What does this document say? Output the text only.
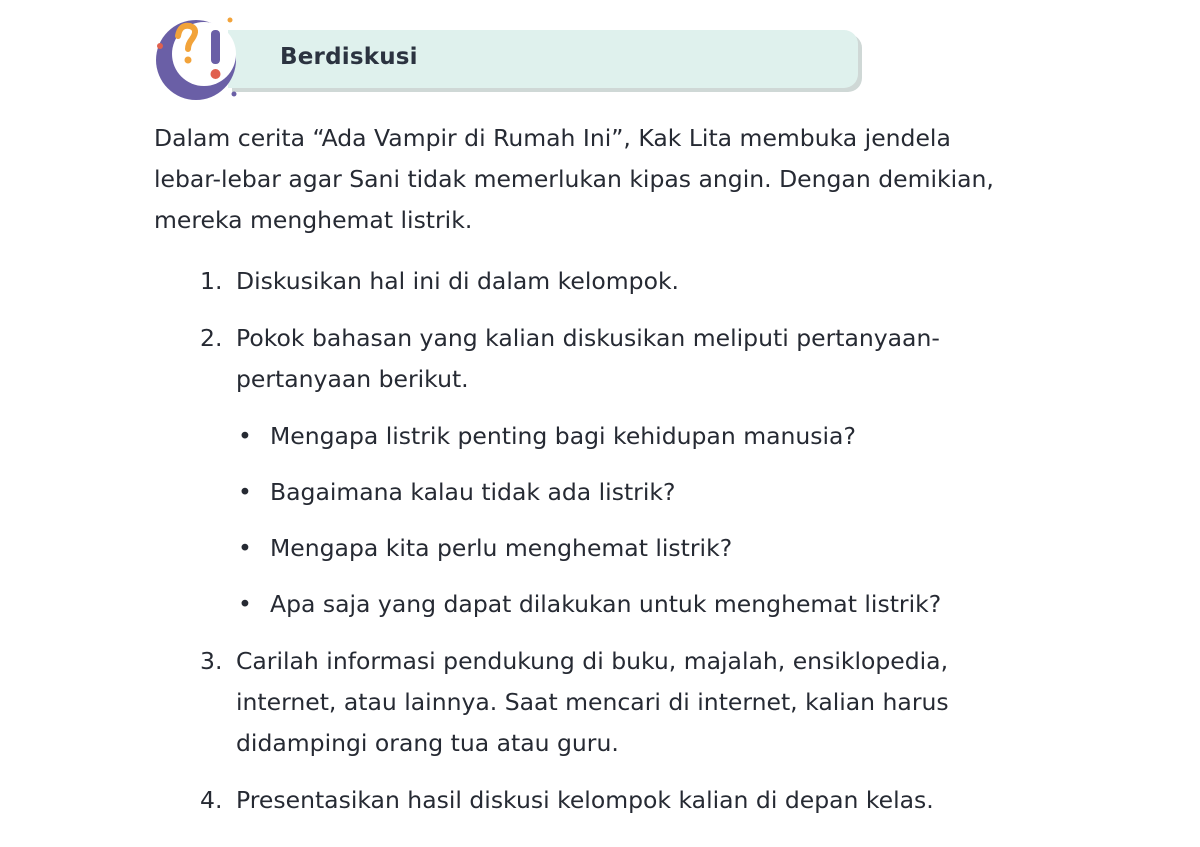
Berdiskusi

Dalam cerita “Ada Vampir di Rumah Ini”, Kak Lita membuka jendela
lebar-lebar agar Sani tidak memerlukan kipas angin. Dengan demikian,
mereka menghemat listrik.

1. Diskusikan hal ini di dalam kelompok.
2. Pokok bahasan yang kalian diskusikan meliputi pertanyaan-
pertanyaan berikut.
• Mengapa listrik penting bagi kehidupan manusia?
• Bagaimana kalau tidak ada listrik?
• Mengapa kita perlu menghemat listrik?
• Apa saja yang dapat dilakukan untuk menghemat listrik?
3. Carilah informasi pendukung di buku, majalah, ensiklopedia,
internet, atau lainnya. Saat mencari di internet, kalian harus
didampingi orang tua atau guru.
4. Presentasikan hasil diskusi kelompok kalian di depan kelas.
